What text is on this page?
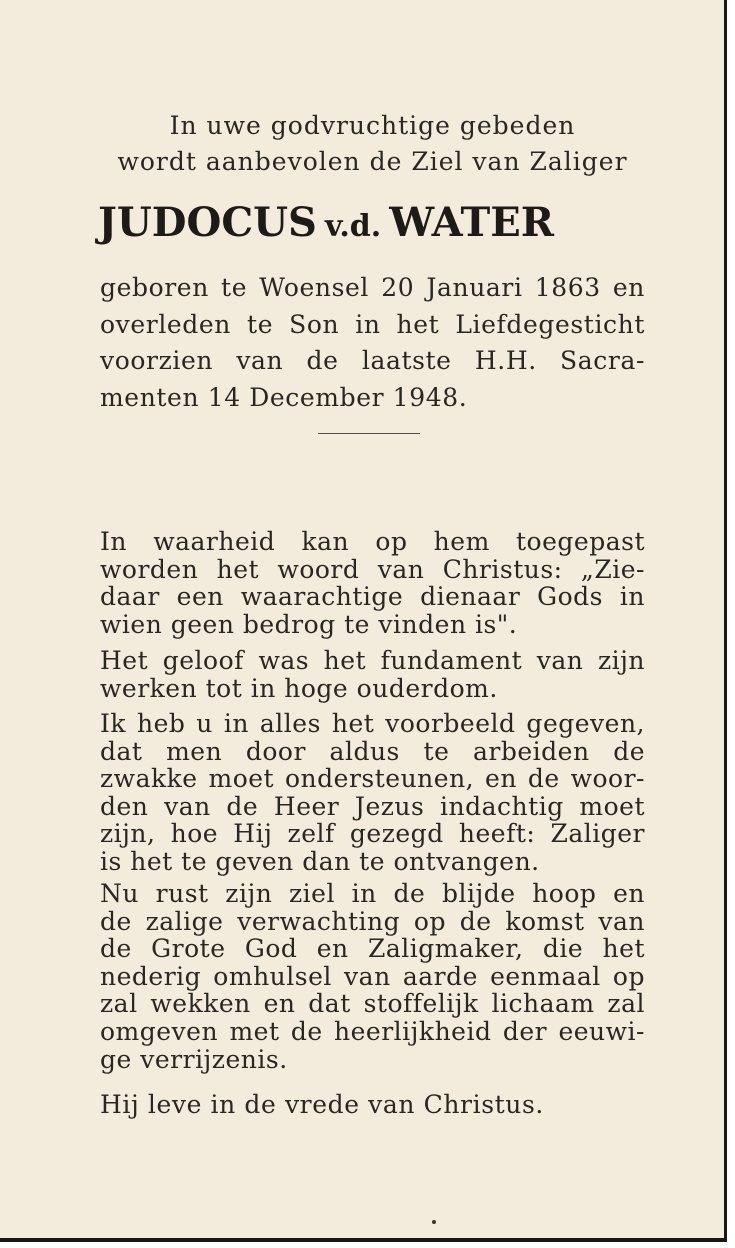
In uwe godvruchtige gebeden
wordt aanbevolen de Ziel van Zaliger
JUDOCUS v.d. WATER
geboren te Woensel 20 Januari 1863 en
overleden te Son in het Liefdegesticht
voorzien van de laatste H.H. Sacra-
menten 14 December 1948.
In waarheid kan op hem toegepast
worden het woord van Christus: „Zie-
daar een waarachtige dienaar Gods in
wien geen bedrog te vinden is".
Het geloof was het fundament van zijn
werken tot in hoge ouderdom.
Ik heb u in alles het voorbeeld gegeven,
dat men door aldus te arbeiden de
zwakke moet ondersteunen, en de woor-
den van de Heer Jezus indachtig moet
zijn, hoe Hij zelf gezegd heeft: Zaliger
is het te geven dan te ontvangen.
Nu rust zijn ziel in de blijde hoop en
de zalige verwachting op de komst van
de Grote God en Zaligmaker, die het
nederig omhulsel van aarde eenmaal op
zal wekken en dat stoffelijk lichaam zal
omgeven met de heerlijkheid der eeuwi-
ge verrijzenis.
Hij leve in de vrede van Christus.
